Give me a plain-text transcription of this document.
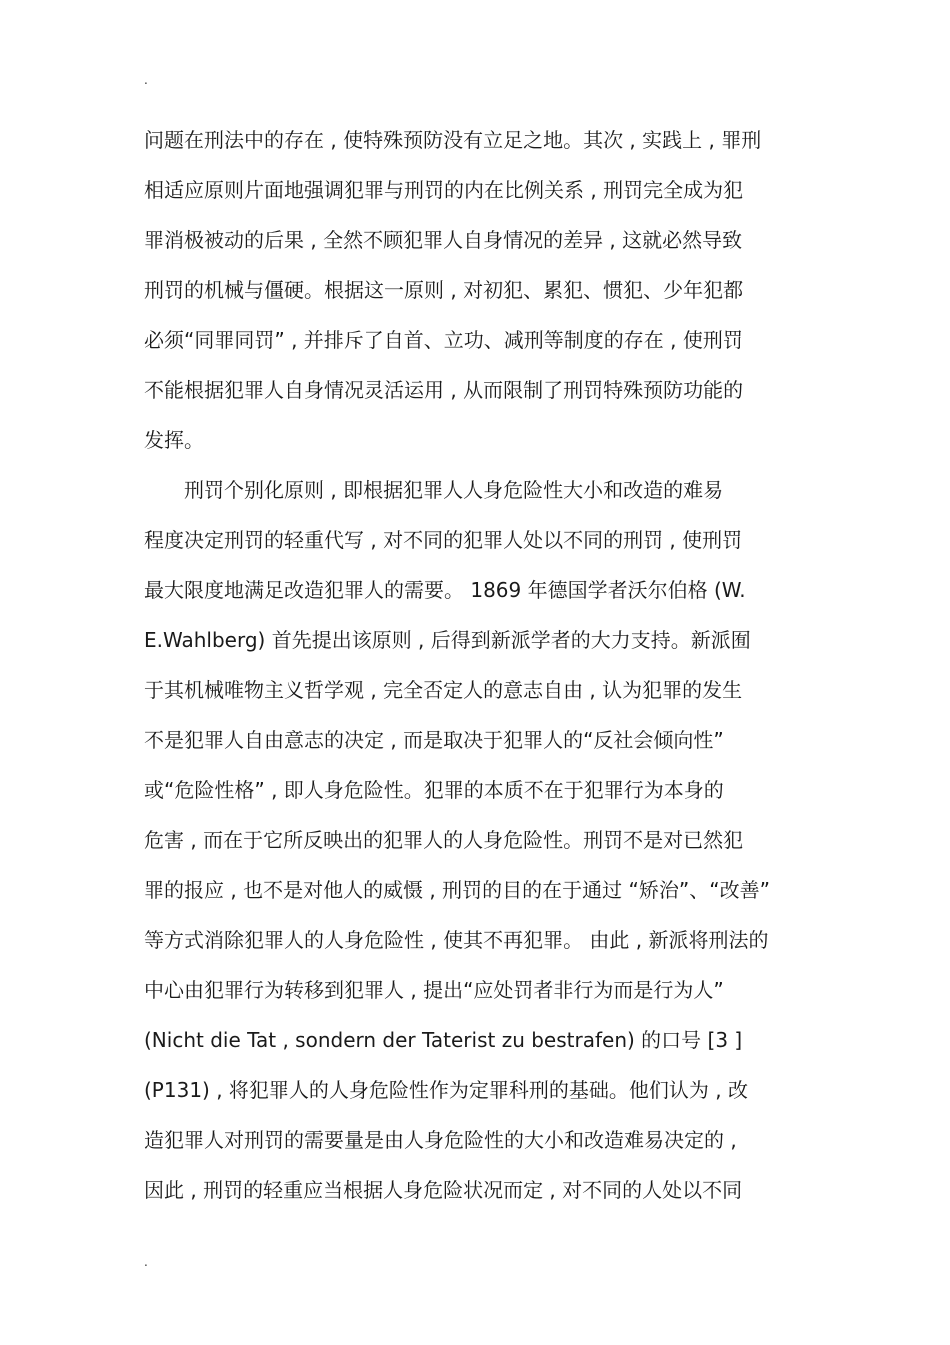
.
问题在刑法中的存在 , 使特殊预防没有立足之地。其次 , 实践上 , 罪刑
相适应原则片面地强调犯罪与刑罚的内在比例关系 , 刑罚完全成为犯
罪消极被动的后果 , 全然不顾犯罪人自身情况的差异 , 这就必然导致
刑罚的机械与僵硬。根据这一原则 , 对初犯、累犯、惯犯、少年犯都
必须“同罪同罚” , 并排斥了自首、立功、减刑等制度的存在 , 使刑罚
不能根据犯罪人自身情况灵活运用 , 从而限制了刑罚特殊预防功能的
发挥。
　　刑罚个别化原则 , 即根据犯罪人人身危险性大小和改造的难易
程度决定刑罚的轻重代写 , 对不同的犯罪人处以不同的刑罚 , 使刑罚
最大限度地满足改造犯罪人的需要。 1869 年德国学者沃尔伯格 (W.
E.Wahlberg) 首先提出该原则 , 后得到新派学者的大力支持。新派囿
于其机械唯物主义哲学观 , 完全否定人的意志自由 , 认为犯罪的发生
不是犯罪人自由意志的决定 , 而是取决于犯罪人的“反社会倾向性”
或“危险性格” , 即人身危险性。犯罪的本质不在于犯罪行为本身的
危害 , 而在于它所反映出的犯罪人的人身危险性。刑罚不是对已然犯
罪的报应 , 也不是对他人的威慑 , 刑罚的目的在于通过 “矫治”、“改善”
等方式消除犯罪人的人身危险性 , 使其不再犯罪。 由此 , 新派将刑法的
中心由犯罪行为转移到犯罪人 , 提出“应处罚者非行为而是行为人”
(Nicht die Tat , sondern der Taterist zu bestrafen) 的口号 [3 ]
(P131) , 将犯罪人的人身危险性作为定罪科刑的基础。他们认为 , 改
造犯罪人对刑罚的需要量是由人身危险性的大小和改造难易决定的 ,
因此 , 刑罚的轻重应当根据人身危险状况而定 , 对不同的人处以不同
.
